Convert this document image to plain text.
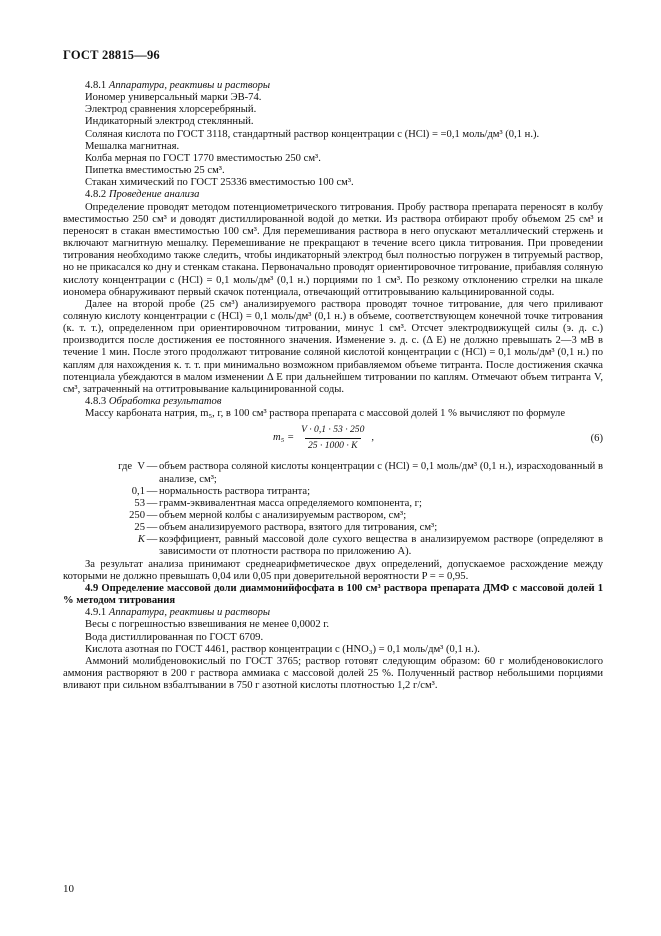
ГОСТ 28815—96

4.8.1 Аппаратура, реактивы и растворы

Иономер универсальный марки ЭВ-74.

Электрод сравнения хлорсеребряный.

Индикаторный электрод стеклянный.

Соляная кислота по ГОСТ 3118, стандартный раствор концентрации c (HCl) = =0,1 моль/дм³ (0,1 н.).

Мешалка магнитная.

Колба мерная по ГОСТ 1770 вместимостью 250 см³.

Пипетка вместимостью 25 см³.

Стакан химический по ГОСТ 25336 вместимостью 100 см³.

4.8.2 Проведение анализа

Определение проводят методом потенциометрического титрования. Пробу раствора препарата переносят в колбу вместимостью 250 см³ и доводят дистиллированной водой до метки. Из раствора отбирают пробу объемом 25 см³ и переносят в стакан вместимостью 100 см³. Для перемешивания раствора в него опускают металлический стержень и включают магнитную мешалку. Перемешивание не прекращают в течение всего цикла титрования. При проведении титрования необходимо также следить, чтобы индикаторный электрод был полностью погружен в титруемый раствор, но не прикасался ко дну и стенкам стакана. Первоначально проводят ориентировочное титрование, прибавляя соляную кислоту концентрации c (HCl) = 0,1 моль/дм³ (0,1 н.) порциями по 1 см³. По резкому отклонению стрелки на шкале иономера обнаруживают первый скачок потенциала, отвечающий оттитровыванию кальцинированной соды.

Далее на второй пробе (25 см³) анализируемого раствора проводят точное титрование, для чего приливают соляную кислоту концентрации c (HCl) = 0,1 моль/дм³ (0,1 н.) в объеме, соответствующем конечной точке титрования (к. т. т.), определенном при ориентировочном титровании, минус 1 см³. Отсчет электродвижущей силы (э. д. с.) производится после достижения ее постоянного значения. Изменение э. д. с. (Δ E) не должно превышать 2—3 мВ в течение 1 мин. После этого продолжают титрование соляной кислотой концентрации c (HCl) = 0,1 моль/дм³ (0,1 н.) по каплям для нахождения к. т. т. при минимально возможном прибавляемом объеме титранта. После достижения скачка потенциала убеждаются в малом изменении Δ E при дальнейшем титровании по каплям. Отмечают объем титранта V, см³, затраченный на оттитровывание кальцинированной соды.

4.8.3 Обработка результатов

Массу карбоната натрия, m₅, г, в 100 см³ раствора препарата с массовой долей 1 % вычисляют по формуле

$m_5 = \frac{V \cdot 0,1 \cdot 53 \cdot 250}{25 \cdot 1000 \cdot K}$ ,	(6)
где  V — объем раствора соляной кислоты концентрации c (HCl) = 0,1 моль/дм³ (0,1 н.), израсходованный в анализе, см³;
0,1 — нормальность раствора титранта;
53 — грамм-эквивалентная масса определяемого компонента, г;
250 — объем мерной колбы с анализируемым раствором, см³;
25 — объем анализируемого раствора, взятого для титрования, см³;
K — коэффициент, равный массовой доле сухого вещества в анализируемом растворе (определяют в зависимости от плотности раствора по приложению А).

За результат анализа принимают среднеарифметическое двух определений, допускаемое расхождение между которыми не должно превышать 0,04 или 0,05 при доверительной вероятности P = = 0,95.

4.9 Определение массовой доли диаммонийфосфата в 100 см³ раствора препарата ДМФ с массовой долей 1 % методом титрования

4.9.1 Аппаратура, реактивы и растворы

Весы с погрешностью взвешивания не менее 0,0002 г.

Вода дистиллированная по ГОСТ 6709.

Кислота азотная по ГОСТ 4461, раствор концентрации c (HNO₃) = 0,1 моль/дм³ (0,1 н.).

Аммоний молибденовокислый по ГОСТ 3765; раствор готовят следующим образом: 60 г молибденовокислого аммония растворяют в 200 г раствора аммиака с массовой долей 25 %. Полученный раствор небольшими порциями вливают при сильном взбалтывании в 750 г азотной кислоты плотностью 1,2 г/см³.

10
